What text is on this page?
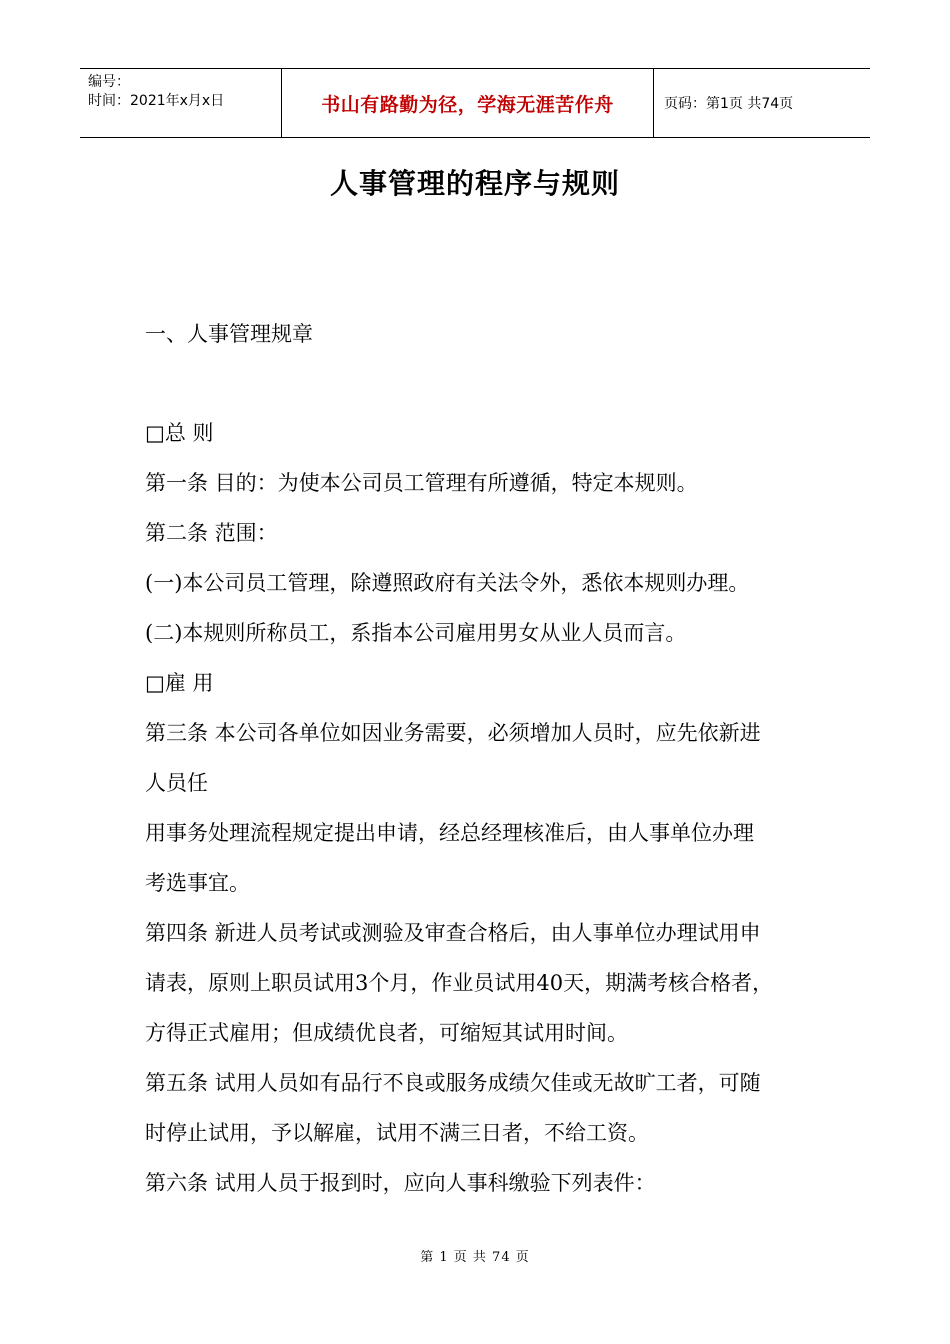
编号：
时间：2021年x月x日	书山有路勤为径，学海无涯苦作舟	页码：第1页 共74页
人事管理的程序与规则
一、人事管理规章
□总 则
第一条 目的：为使本公司员工管理有所遵循，特定本规则。
第二条 范围：
(一)本公司员工管理，除遵照政府有关法令外，悉依本规则办理。
(二)本规则所称员工，系指本公司雇用男女从业人员而言。
□雇 用
第三条 本公司各单位如因业务需要，必须增加人员时，应先依新进
人员任
用事务处理流程规定提出申请，经总经理核准后，由人事单位办理
考选事宜。
第四条 新进人员考试或测验及审查合格后，由人事单位办理试用申
请表，原则上职员试用3个月，作业员试用40天，期满考核合格者，
方得正式雇用；但成绩优良者，可缩短其试用时间。
第五条 试用人员如有品行不良或服务成绩欠佳或无故旷工者，可随
时停止试用，予以解雇，试用不满三日者，不给工资。
第六条 试用人员于报到时，应向人事科缴验下列表件：
第 1 页 共 74 页
